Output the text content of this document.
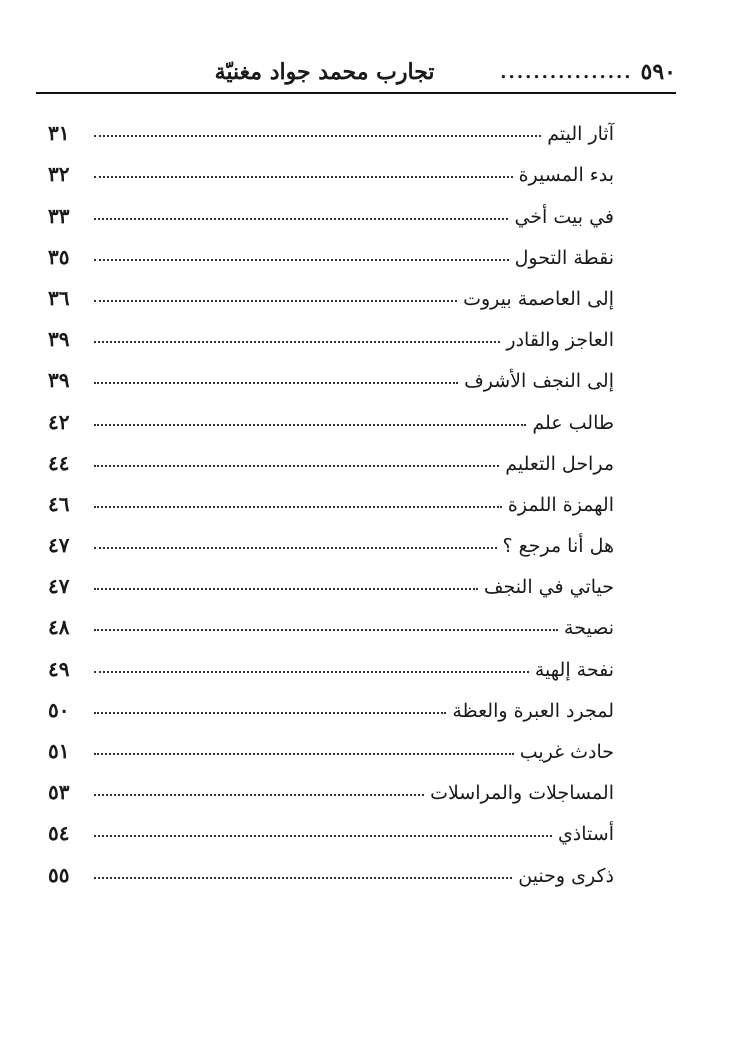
٥٩٠
................
تجارب محمد جواد مغنيّة
آثار اليتم
٣١
بدء المسيرة
٣٢
في بيت أخي
٣٣
نقطة التحول
٣٥
إلى العاصمة بيروت
٣٦
العاجز والقادر
٣٩
إلى النجف الأشرف
٣٩
طالب علم
٤٢
مراحل التعليم
٤٤
الهمزة اللمزة
٤٦
هل أنا مرجع ؟
٤٧
حياتي في النجف
٤٧
نصيحة
٤٨
نفحة إلهية
٤٩
لمجرد العبرة والعظة
٥٠
حادث غريب
٥١
المساجلات والمراسلات
٥٣
أستاذي
٥٤
ذكرى وحنين
٥٥
